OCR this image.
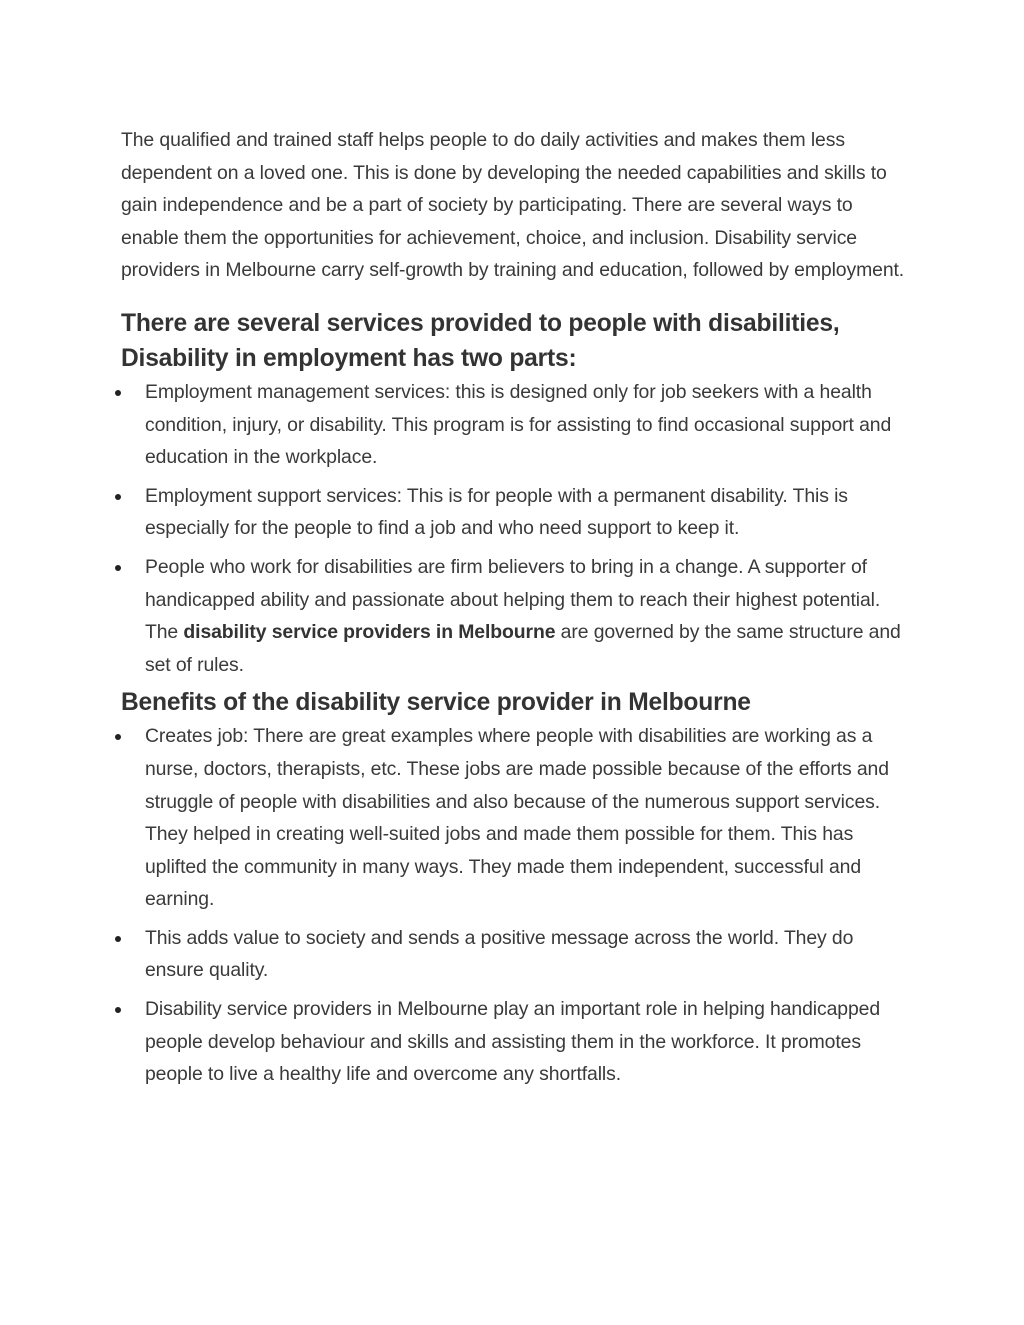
The qualified and trained staff helps people to do daily activities and makes them less dependent on a loved one. This is done by developing the needed capabilities and skills to gain independence and be a part of society by participating. There are several ways to enable them the opportunities for achievement, choice, and inclusion. Disability service providers in Melbourne carry self-growth by training and education, followed by employment.

There are several services provided to people with disabilities, Disability in employment has two parts:
Employment management services: this is designed only for job seekers with a health condition, injury, or disability. This program is for assisting to find occasional support and education in the workplace.
Employment support services: This is for people with a permanent disability. This is especially for the people to find a job and who need support to keep it.
People who work for disabilities are firm believers to bring in a change. A supporter of handicapped ability and passionate about helping them to reach their highest potential. The disability service providers in Melbourne are governed by the same structure and set of rules.
Benefits of the disability service provider in Melbourne
Creates job: There are great examples where people with disabilities are working as a nurse, doctors, therapists, etc. These jobs are made possible because of the efforts and struggle of people with disabilities and also because of the numerous support services. They helped in creating well-suited jobs and made them possible for them. This has uplifted the community in many ways. They made them independent, successful and earning.
This adds value to society and sends a positive message across the world. They do ensure quality.
Disability service providers in Melbourne play an important role in helping handicapped people develop behaviour and skills and assisting them in the workforce. It promotes people to live a healthy life and overcome any shortfalls.
